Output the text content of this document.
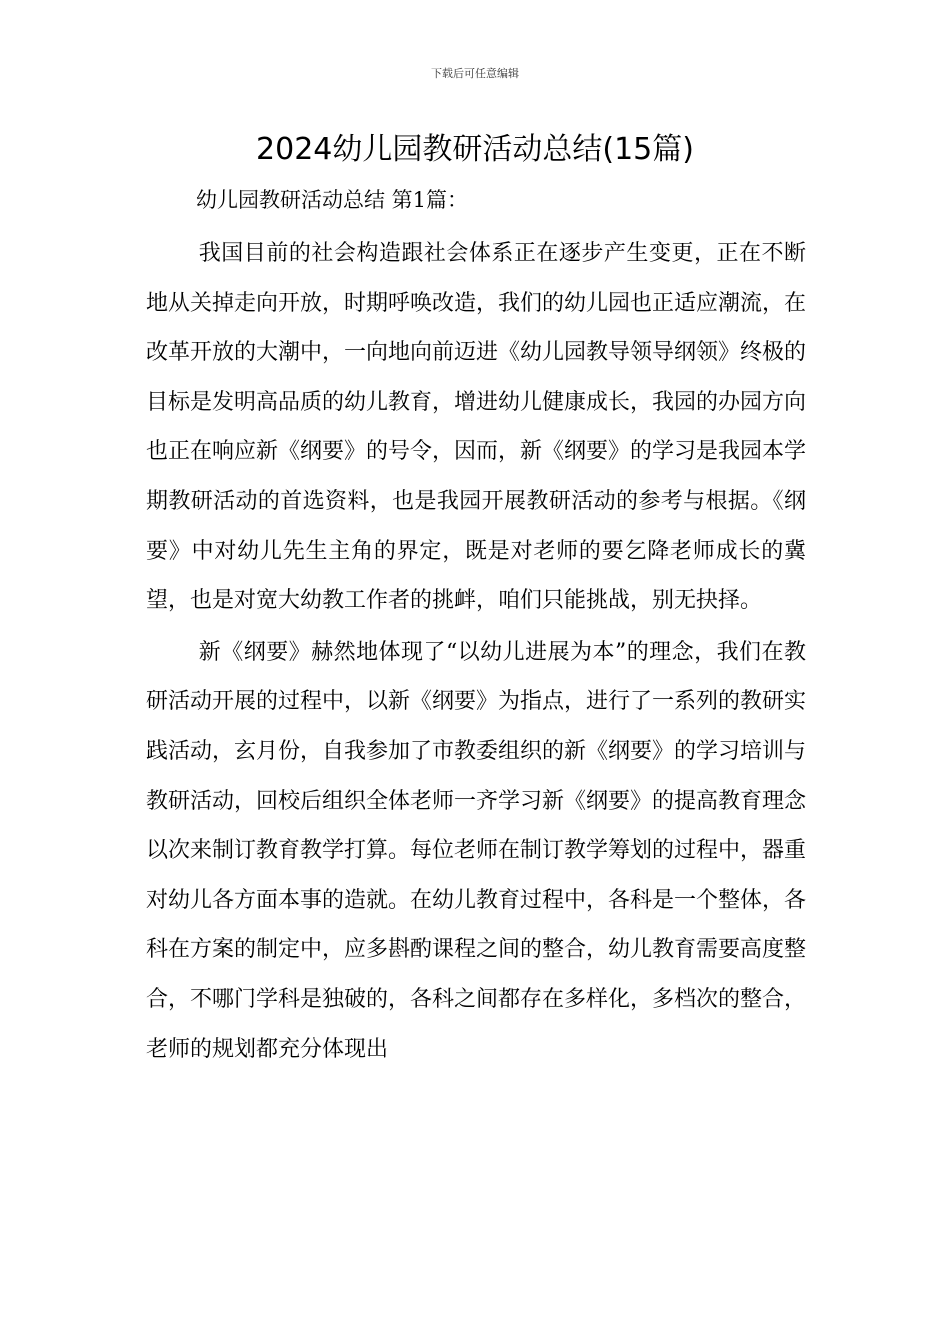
下载后可任意编辑
2024幼儿园教研活动总结(15篇)
幼儿园教研活动总结 第1篇：

我国目前的社会构造跟社会体系正在逐步产生变更，正在不断地从关掉走向开放，时期呼唤改造，我们的幼儿园也正适应潮流，在改革开放的大潮中，一向地向前迈进《幼儿园教导领导纲领》终极的目标是发明高品质的幼儿教育，增进幼儿健康成长，我园的办园方向也正在响应新《纲要》的号令，因而，新《纲要》的学习是我园本学期教研活动的首选资料，也是我园开展教研活动的参考与根据。《纲要》中对幼儿先生主角的界定，既是对老师的要乞降老师成长的冀望，也是对宽大幼教工作者的挑衅，咱们只能挑战，别无抉择。

新《纲要》赫然地体现了“以幼儿进展为本”的理念，我们在教研活动开展的过程中，以新《纲要》为指点，进行了一系列的教研实践活动，玄月份，自我参加了市教委组织的新《纲要》的学习培训与教研活动，回校后组织全体老师一齐学习新《纲要》的提高教育理念以次来制订教育教学打算。每位老师在制订教学筹划的过程中，器重对幼儿各方面本事的造就。在幼儿教育过程中，各科是一个整体，各科在方案的制定中，应多斟酌课程之间的整合，幼儿教育需要高度整合，不哪门学科是独破的，各科之间都存在多样化，多档次的整合，老师的规划都充分体现出
